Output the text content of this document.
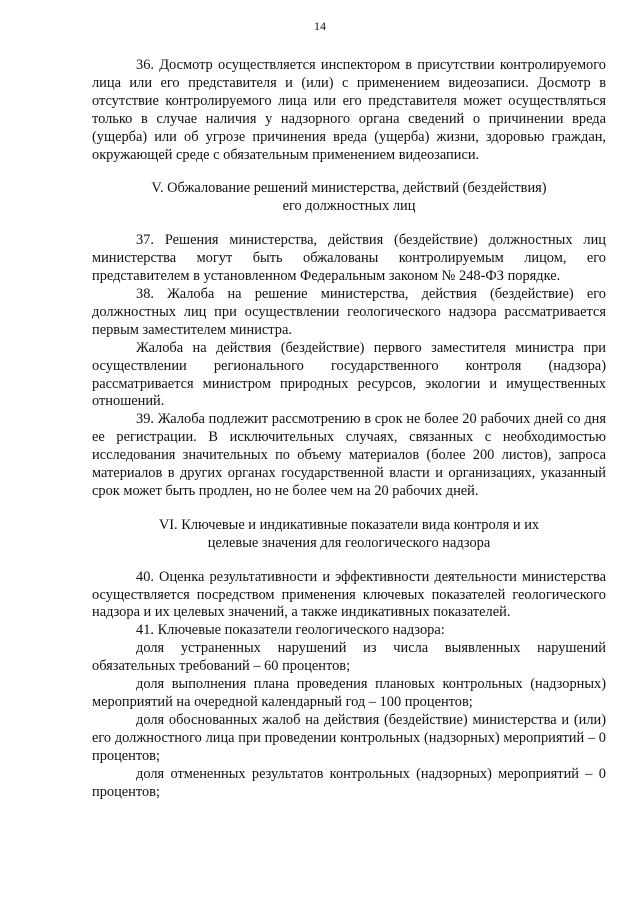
14

36. Досмотр осуществляется инспектором в присутствии контролируемого лица или его представителя и (или) с применением видеозаписи. Досмотр в отсутствие контролируемого лица или его представителя может осуществляться только в случае наличия у надзорного органа сведений о причинении вреда (ущерба) или об угрозе причинения вреда (ущерба) жизни, здоровью граждан, окружающей среде с обязательным применением видеозаписи.

V. Обжалование решений министерства, действий (бездействия)
его должностных лиц

37. Решения министерства, действия (бездействие) должностных лиц министерства могут быть обжалованы контролируемым лицом, его представителем в установленном Федеральным законом № 248-ФЗ порядке.

38. Жалоба на решение министерства, действия (бездействие) его должностных лиц при осуществлении геологического надзора рассматривается первым заместителем министра.

Жалоба на действия (бездействие) первого заместителя министра при осуществлении регионального государственного контроля (надзора) рассматривается министром природных ресурсов, экологии и имущественных отношений.

39. Жалоба подлежит рассмотрению в срок не более 20 рабочих дней со дня ее регистрации. В исключительных случаях, связанных с необходимостью исследования значительных по объему материалов (более 200 листов), запроса материалов в других органах государственной власти и организациях, указанный срок может быть продлен, но не более чем на 20 рабочих дней.

VI. Ключевые и индикативные показатели вида контроля и их
целевые значения для геологического надзора

40. Оценка результативности и эффективности деятельности министерства осуществляется посредством применения ключевых показателей геологического надзора и их целевых значений, а также индикативных показателей.

41. Ключевые показатели геологического надзора:

доля устраненных нарушений из числа выявленных нарушений обязательных требований – 60 процентов;

доля выполнения плана проведения плановых контрольных (надзорных) мероприятий на очередной календарный год – 100 процентов;

доля обоснованных жалоб на действия (бездействие) министерства и (или) его должностного лица при проведении контрольных (надзорных) мероприятий – 0 процентов;

доля отмененных результатов контрольных (надзорных) мероприятий – 0 процентов;
